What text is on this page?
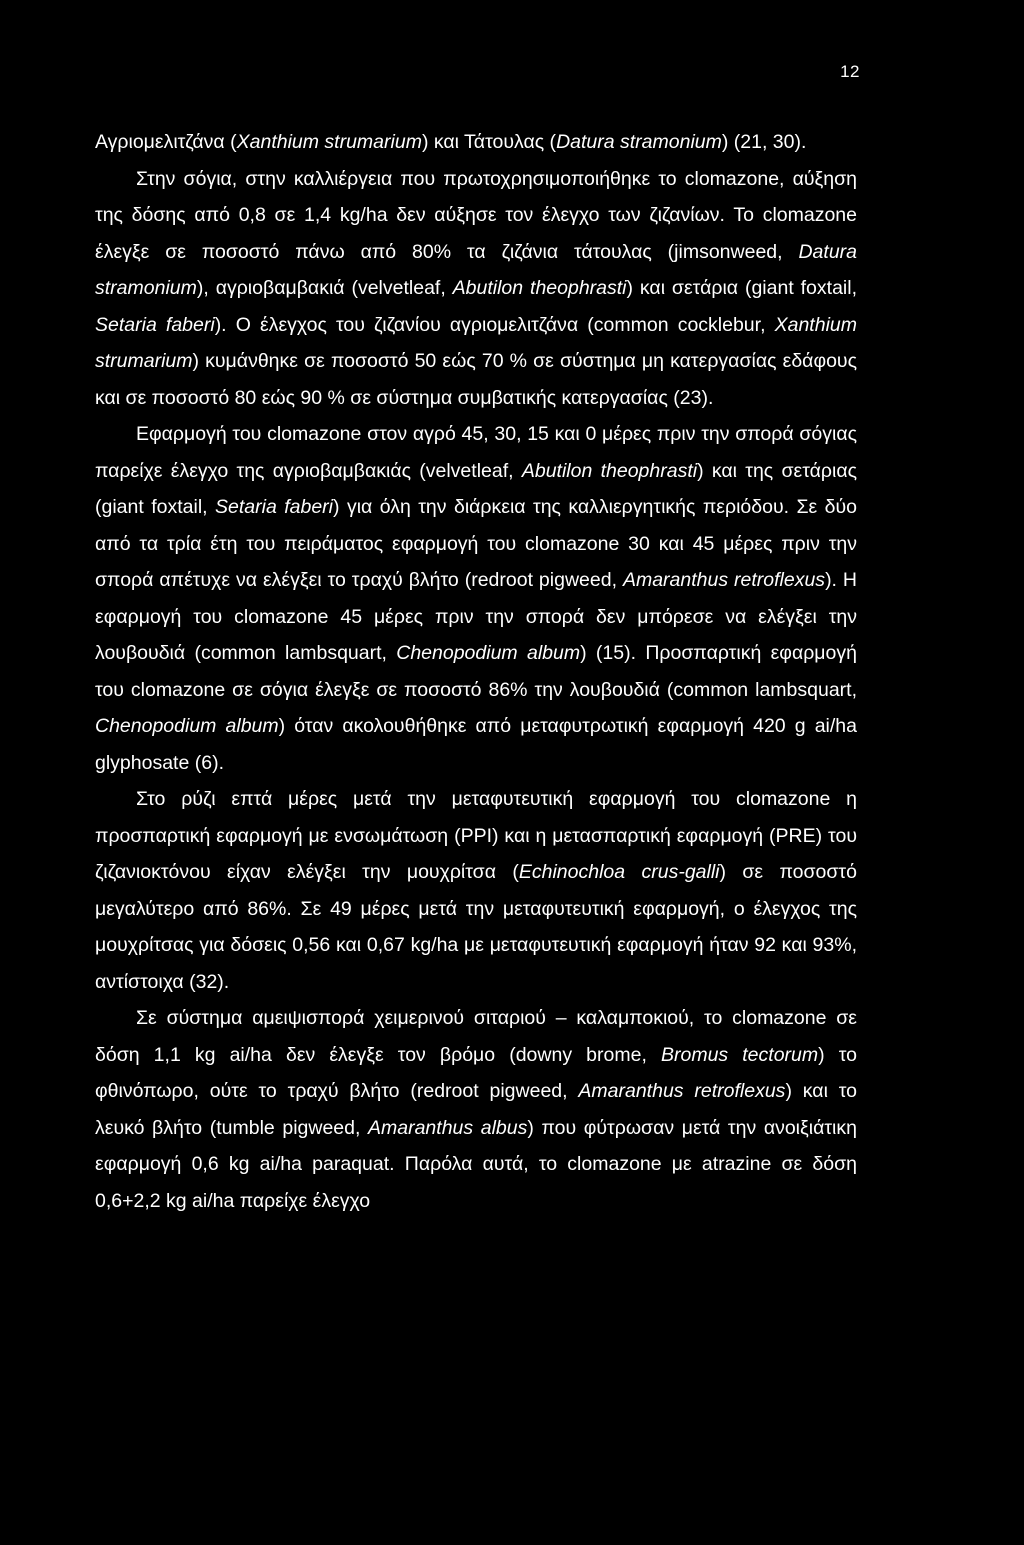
12

Αγριομελιτζάνα (Xanthium strumarium) και Τάτουλας (Datura stramonium) (21, 30).

Στην σόγια, στην καλλιέργεια που πρωτοχρησιμοποιήθηκε το clomazone, αύξηση της δόσης από 0,8 σε 1,4 kg/ha δεν αύξησε τον έλεγχο των ζιζανίων. Το clomazone έλεγξε σε ποσοστό πάνω από 80% τα ζιζάνια τάτουλας (jimsonweed, Datura stramonium), αγριοβαμβακιά (velvetleaf, Abutilon theophrasti) και σετάρια (giant foxtail, Setaria faberi). Ο έλεγχος του ζιζανίου αγριομελιτζάνα (common cocklebur, Xanthium strumarium) κυμάνθηκε σε ποσοστό 50 εώς 70 % σε σύστημα μη κατεργασίας εδάφους και σε ποσοστό 80 εώς 90 % σε σύστημα συμβατικής κατεργασίας (23).

Εφαρμογή του clomazone στον αγρό 45, 30, 15 και 0 μέρες πριν την σπορά σόγιας παρείχε έλεγχο της αγριοβαμβακιάς (velvetleaf, Abutilon theophrasti) και της σετάριας (giant foxtail, Setaria faberi) για όλη την διάρκεια της καλλιεργητικής περιόδου. Σε δύο από τα τρία έτη του πειράματος εφαρμογή του clomazone 30 και 45 μέρες πριν την σπορά απέτυχε να ελέγξει το τραχύ βλήτο (redroot pigweed, Amaranthus retroflexus). Η εφαρμογή του clomazone 45 μέρες πριν την σπορά δεν μπόρεσε να ελέγξει την λουβουδιά (common lambsquart, Chenopodium album) (15). Προσπαρτική εφαρμογή του clomazone σε σόγια έλεγξε σε ποσοστό 86% την λουβουδιά (common lambsquart, Chenopodium album) όταν ακολουθήθηκε από μεταφυτρωτική εφαρμογή 420 g ai/ha glyphosate (6).

Στο ρύζι επτά μέρες μετά την μεταφυτευτική εφαρμογή του clomazone η προσπαρτική εφαρμογή με ενσωμάτωση (PPI) και η μετασπαρτική εφαρμογή (PRE) του ζιζανιοκτόνου είχαν ελέγξει την μουχρίτσα (Echinochloa crus-galli) σε ποσοστό μεγαλύτερο από 86%. Σε 49 μέρες μετά την μεταφυτευτική εφαρμογή, ο έλεγχος της μουχρίτσας για δόσεις 0,56 και 0,67 kg/ha με μεταφυτευτική εφαρμογή ήταν 92 και 93%, αντίστοιχα (32).

Σε σύστημα αμειψισπορά χειμερινού σιταριού – καλαμποκιού, το clomazone σε δόση 1,1 kg ai/ha δεν έλεγξε τον βρόμο (downy brome, Bromus tectorum) το φθινόπωρο, ούτε το τραχύ βλήτο (redroot pigweed, Amaranthus retroflexus) και το λευκό βλήτο (tumble pigweed, Amaranthus albus) που φύτρωσαν μετά την ανοιξιάτικη εφαρμογή 0,6 kg ai/ha paraquat. Παρόλα αυτά, το clomazone με atrazine σε δόση 0,6+2,2 kg ai/ha παρείχε έλεγχο
